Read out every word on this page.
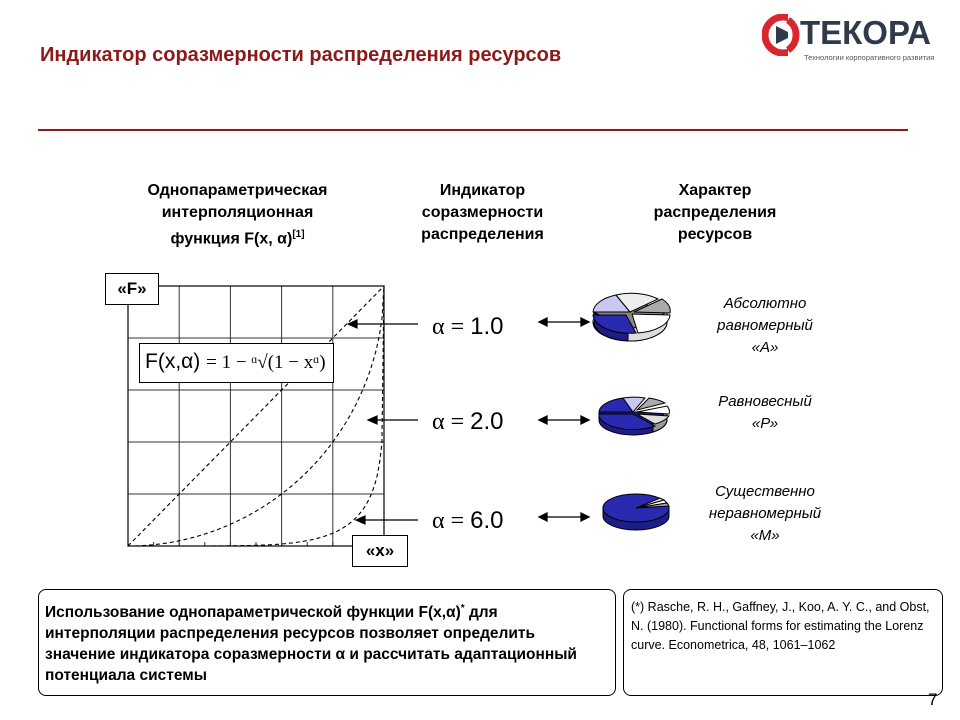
Индикатор соразмерности распределения ресурсов
ТЕКОРА
Технологии корпоративного развития
Однопараметрическая
интерполяционная
функция F(x, α)[1]
Индикатор
соразмерности
распределения
Характер
распределения
ресурсов
«F»
«x»
F(x,α) = 1 − ᵅ√(1 − xᵅ)
α = 1.0
α = 2.0
α = 6.0
Абсолютно
равномерный
«А»
Равновесный
«Р»
Существенно
неравномерный
«М»
Использование однопараметрической функции F(x,α)* для интерполяции распределения ресурсов позволяет определить значение индикатора соразмерности α и рассчитать адаптационный потенциала системы
(*) Rasche, R. H., Gaffney, J., Koo, A. Y. C., and Obst, N. (1980). Functional forms for estimating the Lorenz curve. Econometrica, 48, 1061–1062
7
